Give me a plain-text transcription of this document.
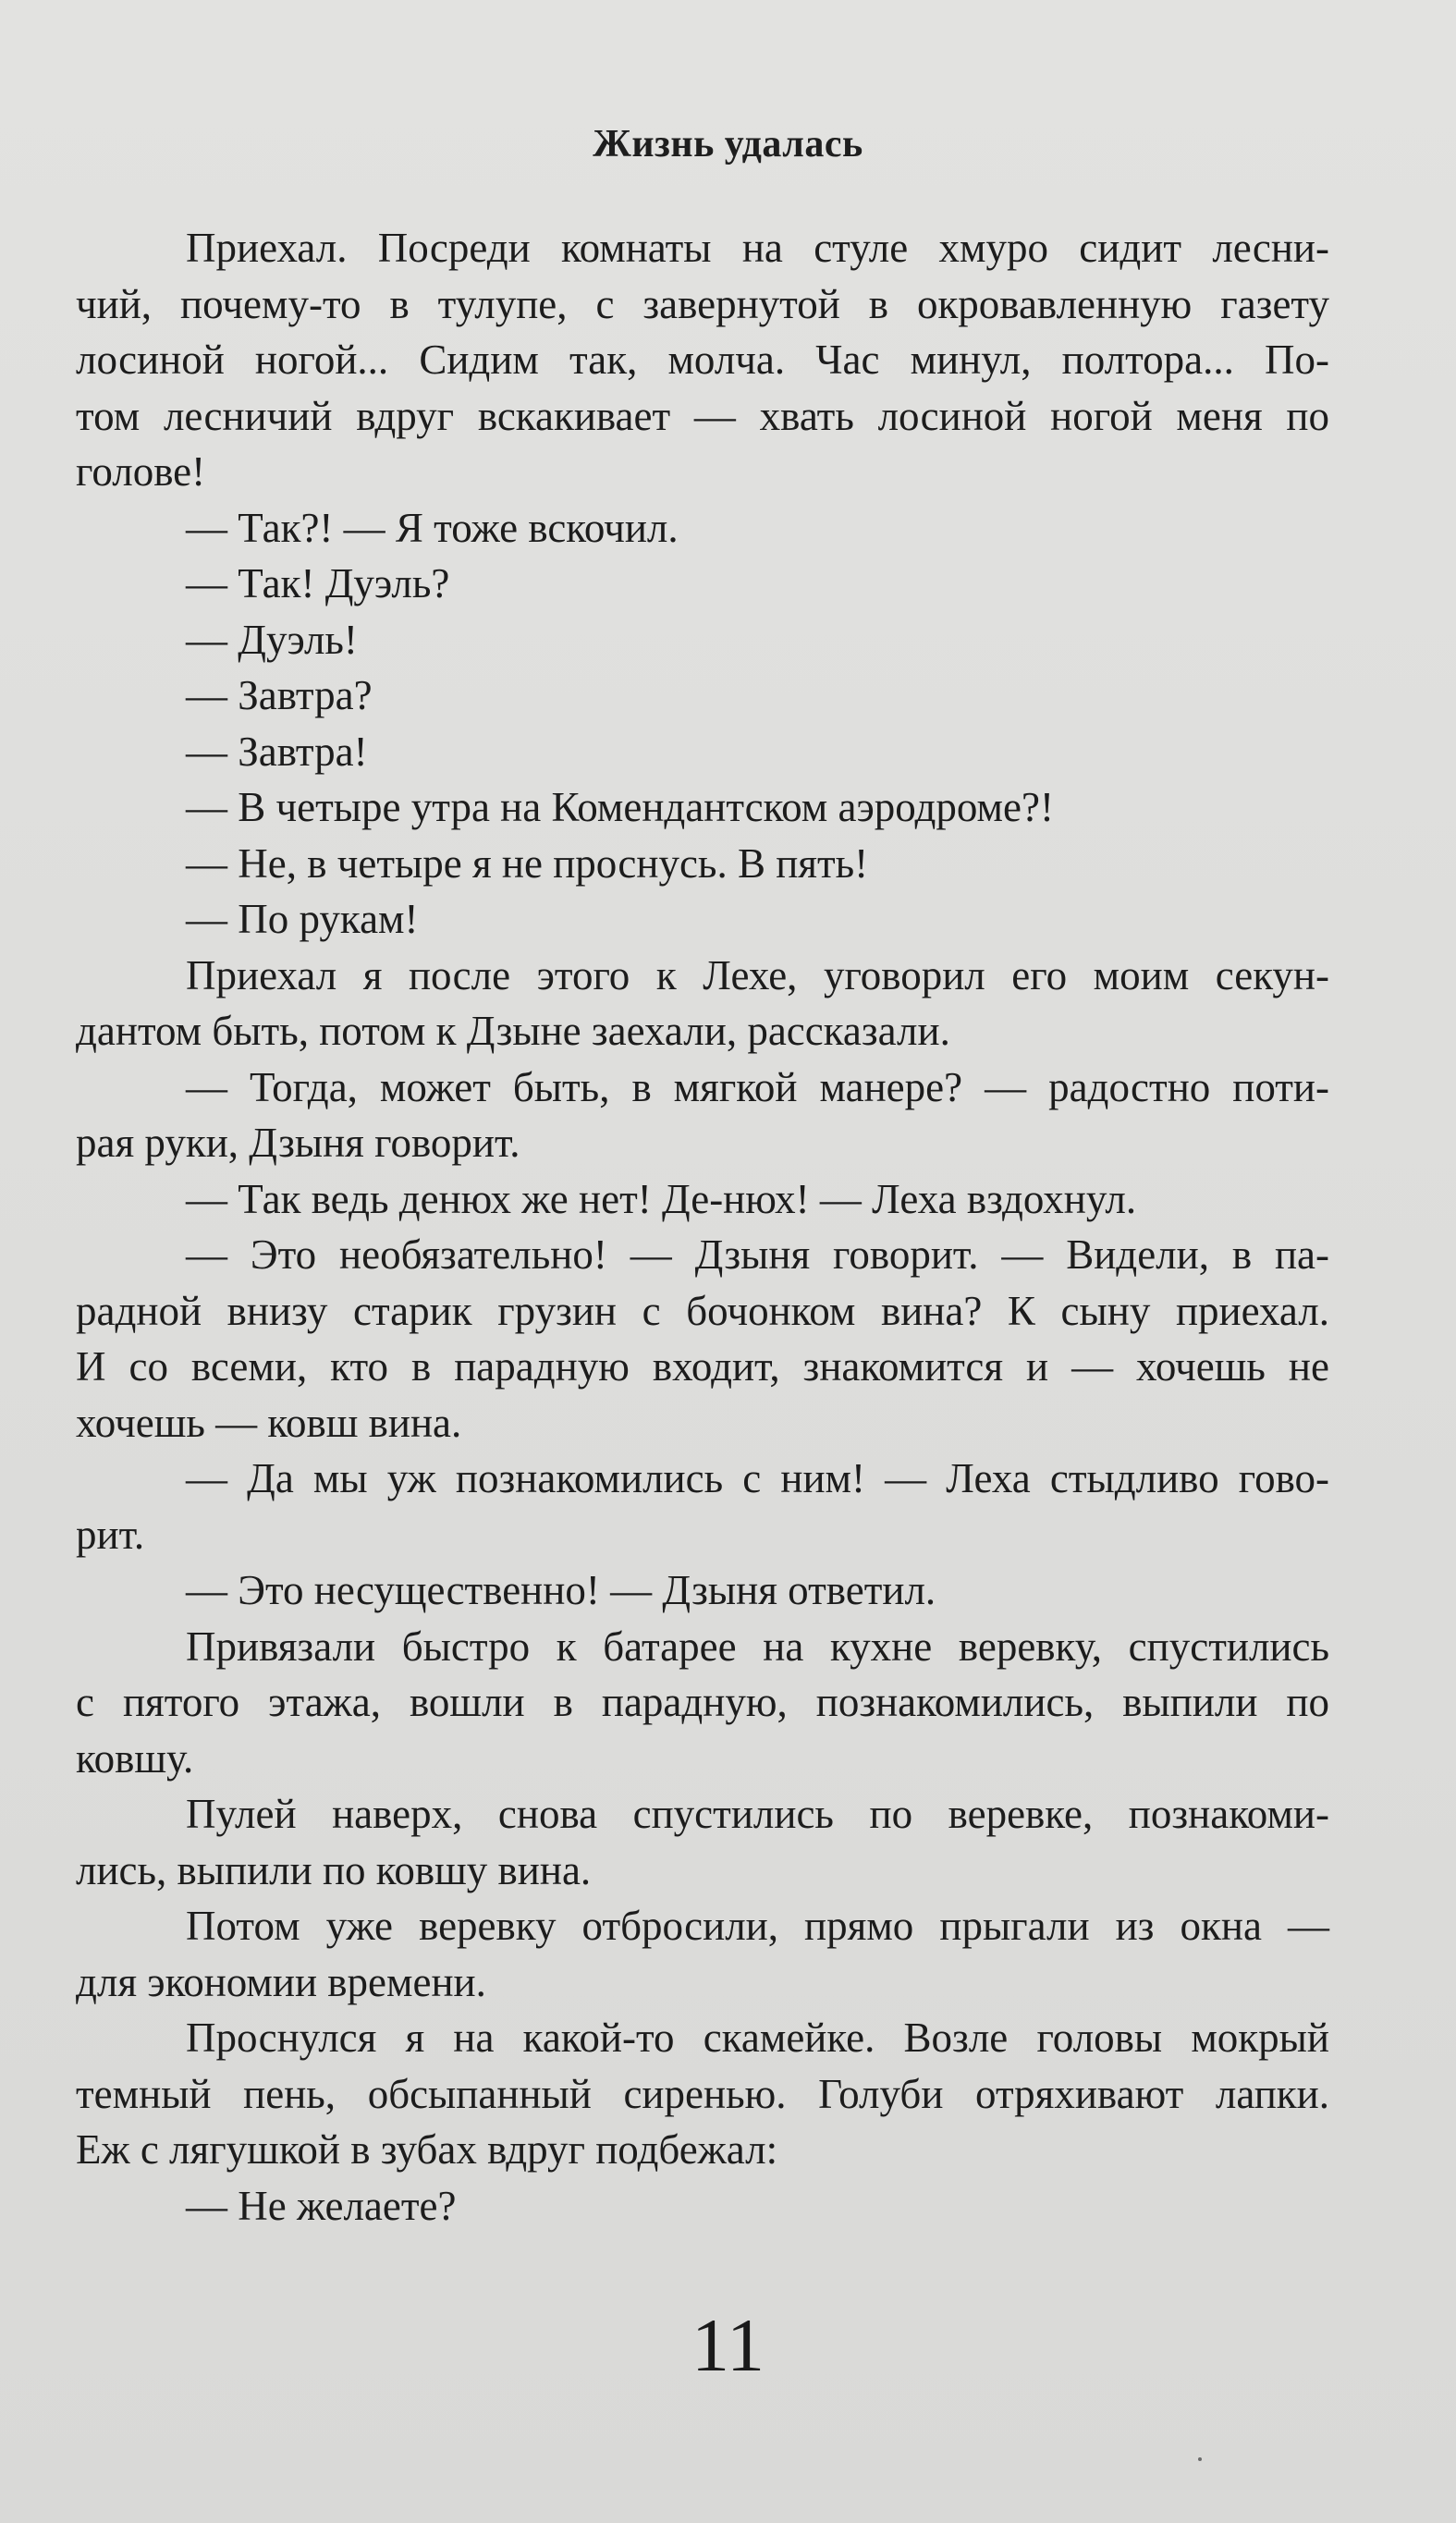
Жизнь удалась
Приехал. Посреди комнаты на стуле хмуро сидит лесни-
чий, почему-то в тулупе, с завернутой в окровавленную газету
лосиной ногой... Сидим так, молча. Час минул, полтора... По-
том лесничий вдруг вскакивает — хвать лосиной ногой меня по
голове!
— Так?! — Я тоже вскочил.
— Так! Дуэль?
— Дуэль!
— Завтра?
— Завтра!
— В четыре утра на Комендантском аэродроме?!
— Не, в четыре я не проснусь. В пять!
— По рукам!
Приехал я после этого к Лехе, уговорил его моим секун-
дантом быть, потом к Дзыне заехали, рассказали.
— Тогда, может быть, в мягкой манере? — радостно поти-
рая руки, Дзыня говорит.
— Так ведь денюх же нет! Де-нюх! — Леха вздохнул.
— Это необязательно! — Дзыня говорит. — Видели, в па-
радной внизу старик грузин с бочонком вина? К сыну приехал.
И со всеми, кто в парадную входит, знакомится и — хочешь не
хочешь — ковш вина.
— Да мы уж познакомились с ним! — Леха стыдливо гово-
рит.
— Это несущественно! — Дзыня ответил.
Привязали быстро к батарее на кухне веревку, спустились
с пятого этажа, вошли в парадную, познакомились, выпили по
ковшу.
Пулей наверх, снова спустились по веревке, познакоми-
лись, выпили по ковшу вина.
Потом уже веревку отбросили, прямо прыгали из окна —
для экономии времени.
Проснулся я на какой-то скамейке. Возле головы мокрый
темный пень, обсыпанный сиренью. Голуби отряхивают лапки.
Еж с лягушкой в зубах вдруг подбежал:
— Не желаете?
11
